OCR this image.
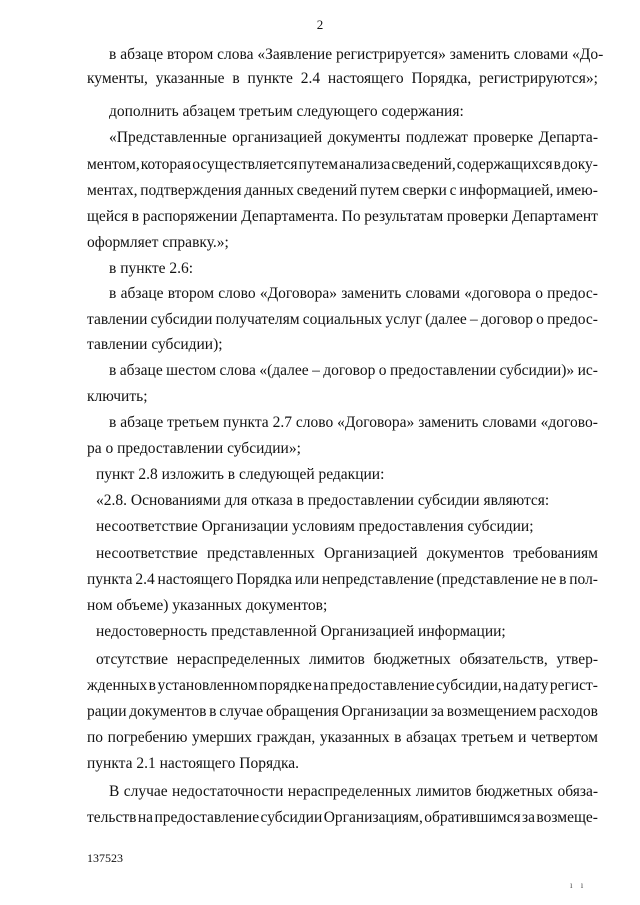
2
в абзаце втором слова «Заявление регистрируется» заменить словами «До-
кументы, указанные в пункте 2.4 настоящего Порядка, регистрируются»;
дополнить абзацем третьим следующего содержания:
«Представленные организацией документы подлежат проверке Департа-
ментом, которая осуществляется путем анализа сведений, содержащихся в доку-
ментах, подтверждения данных сведений путем сверки с информацией, имею-
щейся в распоряжении Департамента. По результатам проверки Департамент
оформляет справку.»;
в пункте 2.6:
в абзаце втором слово «Договора» заменить словами «договора о предос-
тавлении субсидии получателям социальных услуг (далее – договор о предос-
тавлении субсидии);
в абзаце шестом слова «(далее – договор о предоставлении субсидии)» ис-
ключить;
в абзаце третьем пункта 2.7 слово «Договора» заменить словами «догово-
ра о предоставлении субсидии»;
пункт 2.8 изложить в следующей редакции:
«2.8. Основаниями для отказа в предоставлении субсидии являются:
несоответствие Организации условиям предоставления субсидии;
несоответствие представленных Организацией документов требованиям
пункта 2.4 настоящего Порядка или непредставление (представление не в пол-
ном объеме) указанных документов;
недостоверность представленной Организацией информации;
отсутствие нераспределенных лимитов бюджетных обязательств, утвер-
жденных в установленном порядке на предоставление субсидии, на дату регист-
рации документов в случае обращения Организации за возмещением расходов
по погребению умерших граждан, указанных в абзацах третьем и четвертом
пункта 2.1 настоящего Порядка.
В случае недостаточности нераспределенных лимитов бюджетных обяза-
тельств на предоставление субсидии Организациям, обратившимся за возмеще-
137523
ı ı
